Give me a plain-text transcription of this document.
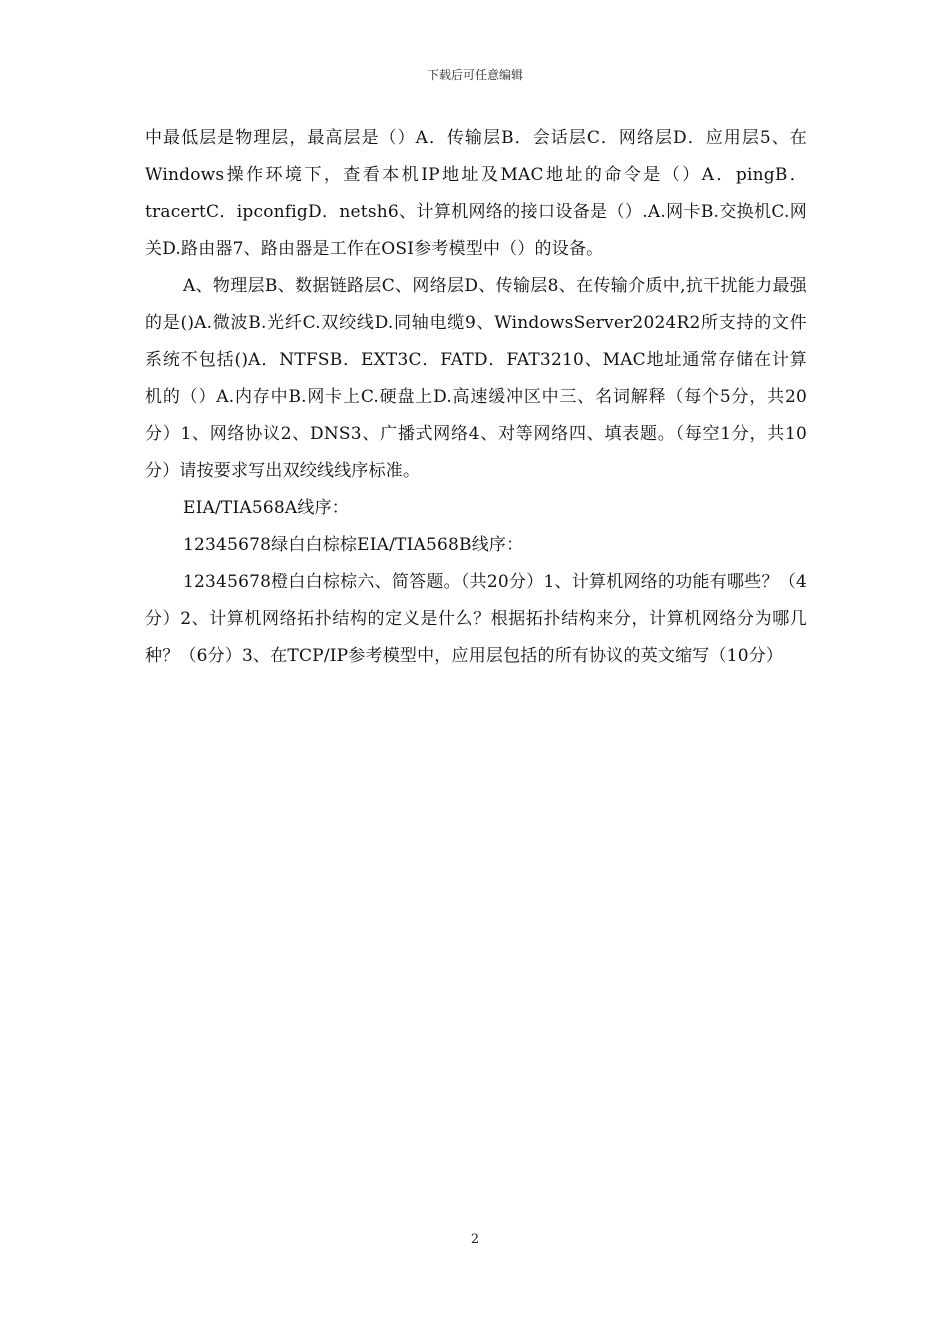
下载后可任意编辑

中最低层是物理层，最高层是（）A．传输层B．会话层C．网络层D．应用层5、在Windows操作环境下，查看本机IP地址及MAC地址的命令是（）A．pingB．tracertC．ipconfigD．netsh6、计算机网络的接口设备是（）.A.网卡B.交换机C.网关D.路由器7、路由器是工作在OSI参考模型中（）的设备。

A、物理层B、数据链路层C、网络层D、传输层8、在传输介质中,抗干扰能力最强的是()A.微波B.光纤C.双绞线D.同轴电缆9、WindowsServer2024R2所支持的文件系统不包括()A．NTFSB．EXT3C．FATD．FAT3210、MAC地址通常存储在计算机的（）A.内存中B.网卡上C.硬盘上D.高速缓冲区中三、名词解释（每个5分，共20分）1、网络协议2、DNS3、广播式网络4、对等网络四、填表题。（每空1分，共10分）请按要求写出双绞线线序标准。

EIA/TIA568A线序：

12345678绿白白棕棕EIA/TIA568B线序：

12345678橙白白棕棕六、简答题。（共20分）1、计算机网络的功能有哪些？（4分）2、计算机网络拓扑结构的定义是什么？根据拓扑结构来分，计算机网络分为哪几种？（6分）3、在TCP/IP参考模型中，应用层包括的所有协议的英文缩写（10分）

2
